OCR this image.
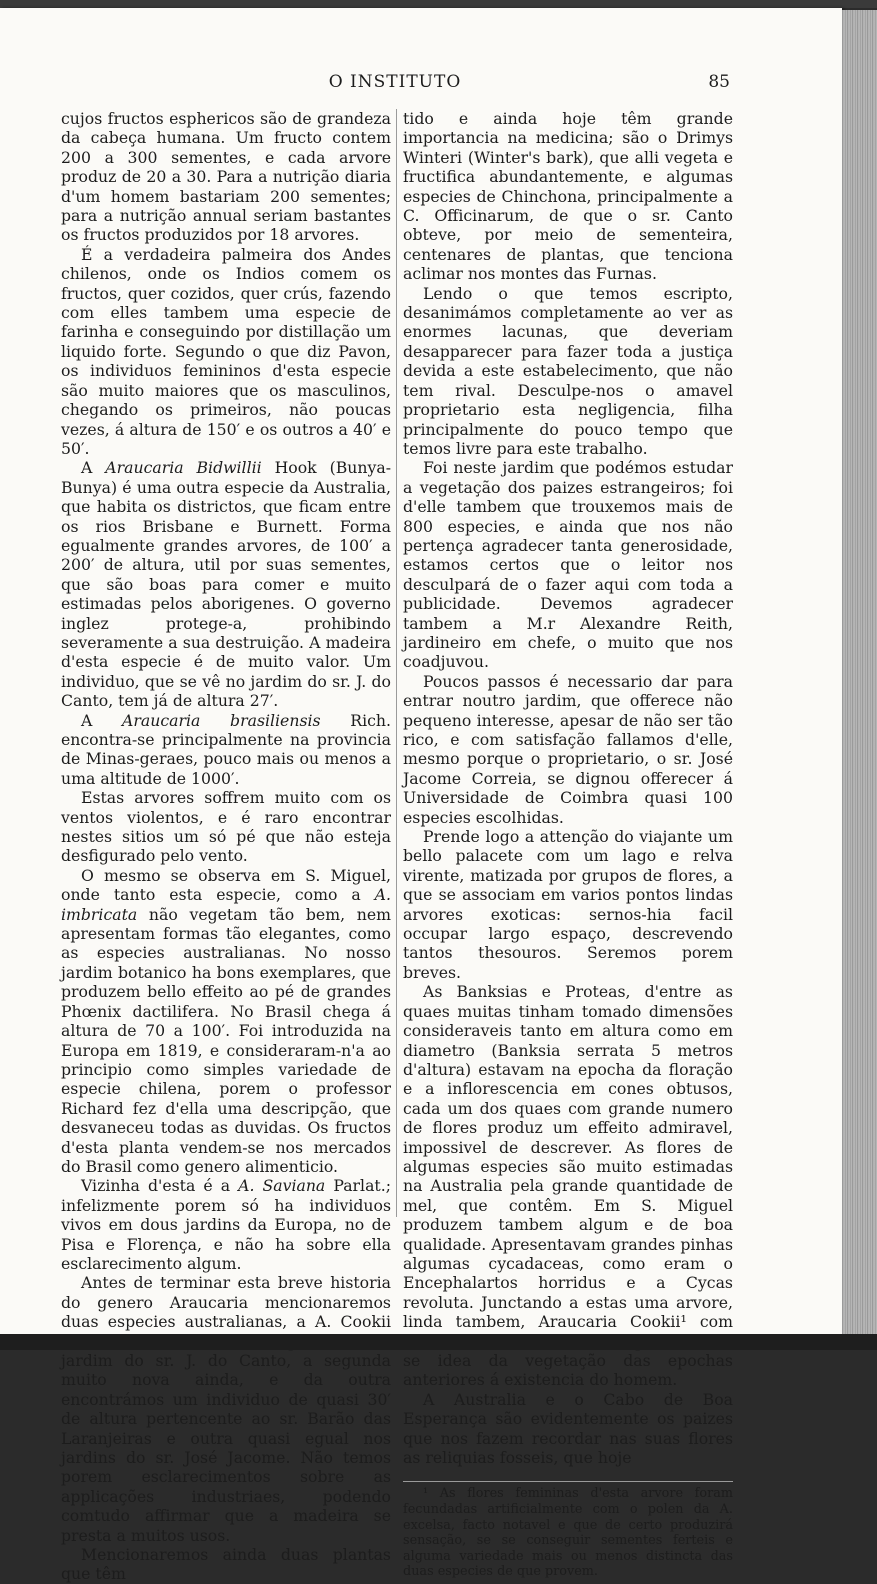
O INSTITUTO	85

cujos fructos esphericos são de grandeza da cabeça humana. Um fructo contem 200 a 300 sementes, e cada arvore produz de 20 a 30. Para a nutrição diaria d'um homem bastariam 200 sementes; para a nutrição annual seriam bastantes os fructos produzidos por 18 arvores.

É a verdadeira palmeira dos Andes chilenos, onde os Indios comem os fructos, quer cozidos, quer crús, fazendo com elles tambem uma especie de farinha e conseguindo por distillação um liquido forte. Segundo o que diz Pavon, os individuos femininos d'esta especie são muito maiores que os masculinos, chegando os primeiros, não poucas vezes, á altura de 150′ e os outros a 40′ e 50′.

A Araucaria Bidwillii Hook (Bunya-Bunya) é uma outra especie da Australia, que habita os districtos, que ficam entre os rios Brisbane e Burnett. Forma egualmente grandes arvores, de 100′ a 200′ de altura, util por suas sementes, que são boas para comer e muito estimadas pelos aborigenes. O governo inglez protege-a, prohibindo severamente a sua destruição. A madeira d'esta especie é de muito valor. Um individuo, que se vê no jardim do sr. J. do Canto, tem já de altura 27′.

A Araucaria brasiliensis Rich. encontra-se principalmente na provincia de Minas-geraes, pouco mais ou menos a uma altitude de 1000′.

Estas arvores soffrem muito com os ventos violentos, e é raro encontrar nestes sitios um só pé que não esteja desfigurado pelo vento.

O mesmo se observa em S. Miguel, onde tanto esta especie, como a A. imbricata não vegetam tão bem, nem apresentam formas tão elegantes, como as especies australianas. No nosso jardim botanico ha bons exemplares, que produzem bello effeito ao pé de grandes Phœnix dactilifera. No Brasil chega á altura de 70 a 100′. Foi introduzida na Europa em 1819, e consideraram-n'a ao principio como simples variedade de especie chilena, porem o professor Richard fez d'ella uma descripção, que desvaneceu todas as duvidas. Os fructos d'esta planta vendem-se nos mercados do Brasil como genero alimenticio.

Vizinha d'esta é a A. Saviana Parlat.; infelizmente porem só ha individuos vivos em dous jardins da Europa, no de Pisa e Florença, e não ha sobre ella esclarecimento algum.

Antes de terminar esta breve historia do genero Araucaria mencionaremos duas especies australianas, a A. Cookii jardim do sr. J. do Canto, a segunda muito nova ainda, e da outra encontrámos um individuo de quasi 30′ de altura pertencente ao sr. Barão das Laranjeiras e outra quasi egual nos jardins do sr. José Jacome. Não temos porem esclarecimentos sobre as applicações industriaes, podendo comtudo affirmar que a madeira se presta a muitos usos.

Mencionaremos ainda duas plantas que têm

tido e ainda hoje têm grande importancia na medicina; são o Drimys Winteri (Winter's bark), que alli vegeta e fructifica abundantemente, e algumas especies de Chinchona, principalmente a C. Officinarum, de que o sr. Canto obteve, por meio de sementeira, centenares de plantas, que tenciona aclimar nos montes das Furnas.

Lendo o que temos escripto, desanimámos completamente ao ver as enormes lacunas, que deveriam desapparecer para fazer toda a justiça devida a este estabelecimento, que não tem rival. Desculpe-nos o amavel proprietario esta negligencia, filha principalmente do pouco tempo que temos livre para este trabalho.

Foi neste jardim que podémos estudar a vegetação dos paizes estrangeiros; foi d'elle tambem que trouxemos mais de 800 especies, e ainda que nos não pertença agradecer tanta generosidade, estamos certos que o leitor nos desculpará de o fazer aqui com toda a publicidade. Devemos agradecer tambem a M.r Alexandre Reith, jardineiro em chefe, o muito que nos coadjuvou.

Poucos passos é necessario dar para entrar noutro jardim, que offerece não pequeno interesse, apesar de não ser tão rico, e com satisfação fallamos d'elle, mesmo porque o proprietario, o sr. José Jacome Correia, se dignou offerecer á Universidade de Coimbra quasi 100 especies escolhidas.

Prende logo a attenção do viajante um bello palacete com um lago e relva virente, matizada por grupos de flores, a que se associam em varios pontos lindas arvores exoticas: sernos-hia facil occupar largo espaço, descrevendo tantos thesouros. Seremos porem breves.

As Banksias e Proteas, d'entre as quaes muitas tinham tomado dimensões consideraveis tanto em altura como em diametro (Banksia serrata 5 metros d'altura) estavam na epocha da floração e a inflorescencia em cones obtusos, cada um dos quaes com grande numero de flores produz um effeito admiravel, impossivel de descrever. As flores de algumas especies são muito estimadas na Australia pela grande quantidade de mel, que contêm. Em S. Miguel produzem tambem algum e de boa qualidade. Apresentavam grandes pinhas algumas cycadaceas, como eram o Encephalartos horridus e a Cycas revoluta. Junctando a estas uma arvore, linda tambem, Araucaria Cookii¹ com se idea da vegetação das epochas anteriores á existencia do homem.

A Australia e o Cabo de Boa Esperança são evidentemente os paizes que nos fazem recordar nas suas flores as reliquias fosseis, que hoje

¹ As flores femininas d'esta arvore foram fecundadas artificialmente com o polen da A. excelsa, facto notavel e que de certo produzirá sensação, se se conseguir sementes ferteis e alguma variedade mais ou menos distincta das duas especies de que provem.
